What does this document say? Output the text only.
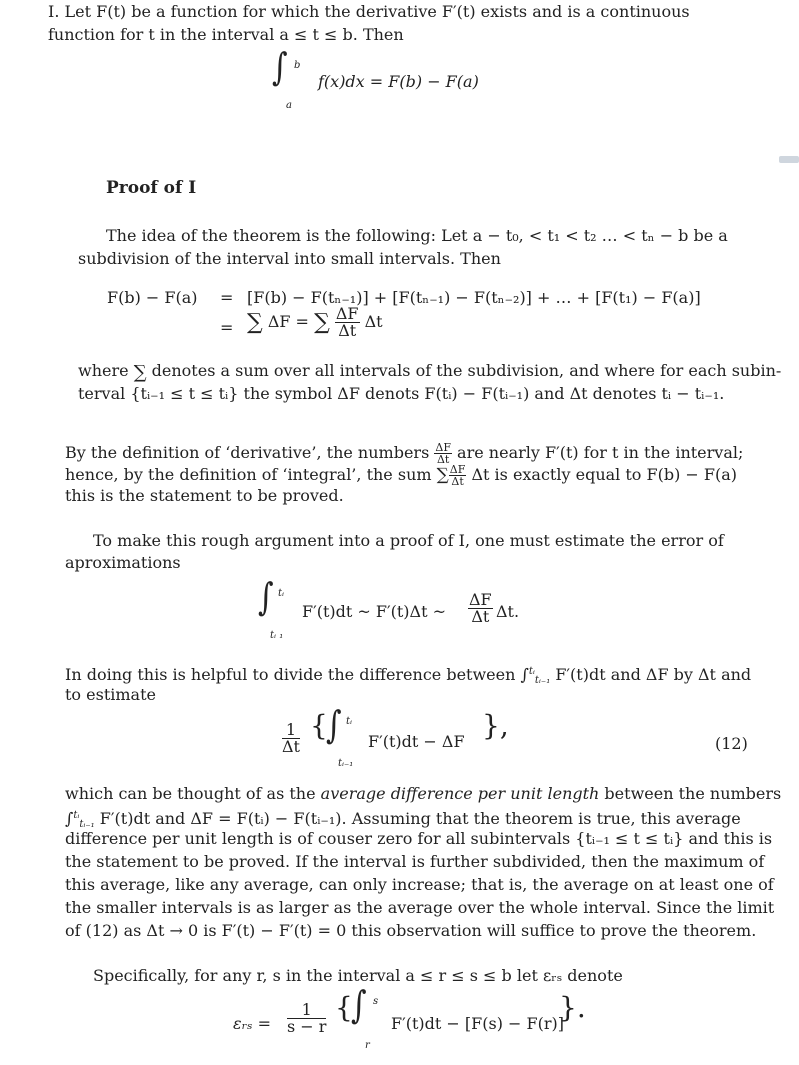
I. Let F(t) be a function for which the derivative F′(t) exists and is a continuous
function for t in the interval a ≤ t ≤ b. Then
∫ b
a
f(x)dx = F(b) − F(a)
Proof of I
The idea of the theorem is the following: Let a − t₀, < t₁ < t₂ … < tₙ − b be a
subdivision of the interval into small intervals. Then
F(b) − F(a) = [F(b) − F(tₙ₋₁)] + [F(tₙ₋₁) − F(tₙ₋₂)] + … + [F(t₁) − F(a)]
= ∑ ΔF = ∑ $\frac{\Delta F}{\Delta t}$ Δt
where ∑ denotes a sum over all intervals of the subdivision, and where for each subin-
terval {tᵢ₋₁ ≤ t ≤ tᵢ} the symbol ΔF denots F(tᵢ) − F(tᵢ₋₁) and Δt denotes tᵢ − tᵢ₋₁.
By the definition of ‘derivative’, the numbers $\frac{\Delta F}{\Delta t}$ are nearly F′(t) for t in the interval;
hence, by the definition of ‘integral’, the sum ∑ $\frac{\Delta F}{\Delta t}$ Δt is exactly equal to F(b) − F(a)
this is the statement to be proved.
To make this rough argument into a proof of I, one must estimate the error of
aproximations
∫ tᵢ
tᵢ ₁
F′(t)dt ~ F′(t)Δt ~ $\frac{\Delta F}{\Delta t} \Delta t$.
In doing this is helpful to divide the difference between ∫$^{tᵢ}_{tᵢ_{-1}}$ F′(t)dt and ΔF by Δt and
to estimate
$\frac{1}{\Delta t}$ {
∫ tᵢ
tᵢ₋₁
F′(t)dt − ΔF },
(12)
which can be thought of as the average difference per unit length between the numbers
∫$^{tᵢ}_{tᵢ_{-1}}$ F′(t)dt and ΔF = F(tᵢ) − F(tᵢ₋₁). Assuming that the theorem is true, this average
difference per unit length is of couser zero for all subintervals {tᵢ₋₁ ≤ t ≤ tᵢ} and this is
the statement to be proved. If the interval is further subdivided, then the maximum of
this average, like any average, can only increase; that is, the average on at least one of
the smaller intervals is as larger as the average over the whole interval. Since the limit
of (12) as Δt → 0 is F′(t) − F′(t) = 0 this observation will suffice to prove the theorem.
Specifically, for any r, s in the interval a ≤ r ≤ s ≤ b let εᵣₛ denote
εᵣₛ = $\frac{1}{s - r}$ {
∫ s
r
F′(t)dt − [F(s) − F(r)]
}.
